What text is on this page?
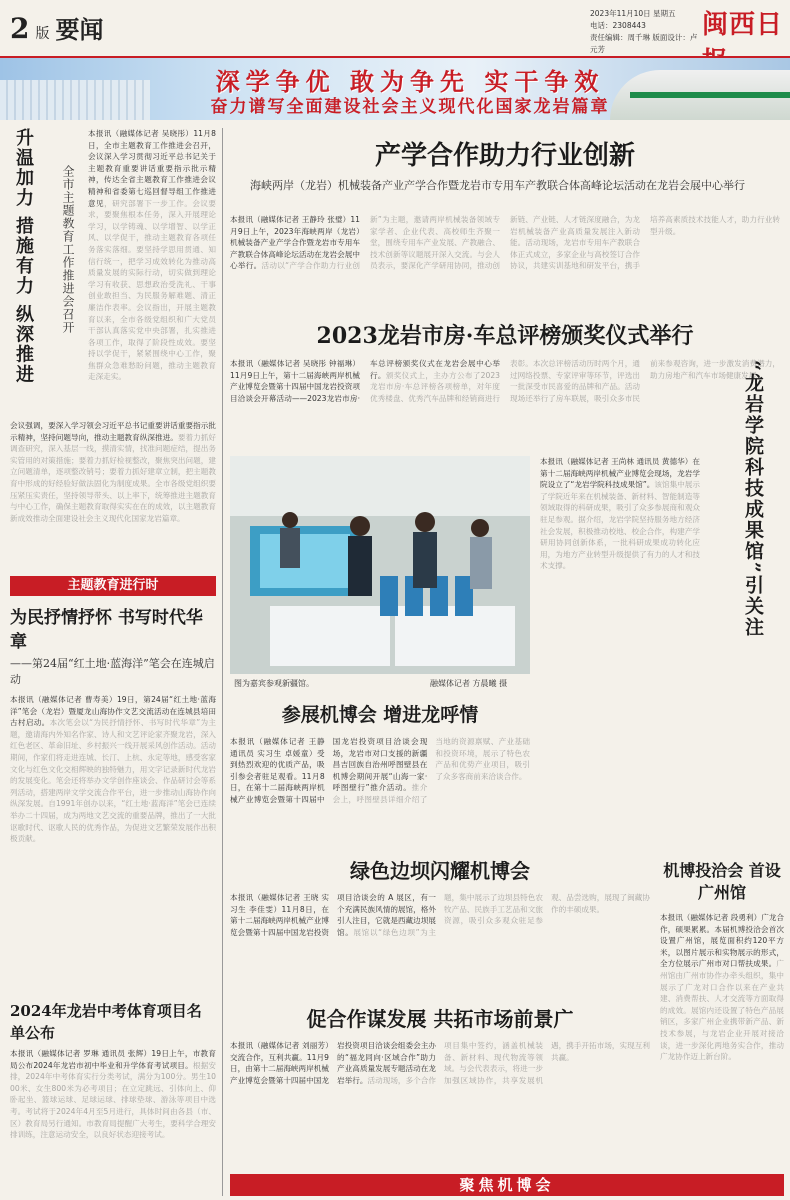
2 版 要闻
2023年11月10日 星期五
电话：2308443
责任编辑：周千琳 版面设计：卢元芳
闽西日
深学争优 敢为争先 实干争效
奋力谱写全面建设社会主义现代化国家龙岩篇章
升温加力 措施有力 纵深推进 全市主题教育工作推进会召开
本报讯（融媒体记者 吴晓彤）11月8日，全市主题教育工作推进会召开，会议深入学习贯彻习近平总书记关于主题教育重要讲话重要指示批示精神，传达全省主题教育工作推进会议精神和省委第七巡回督导组工作推进意见，研究部署下一步工作。会议要求，要聚焦根本任务，深入开展理论学习，以学铸魂、以学增智、以学正风、以学促干，推动主题教育各项任务落实落细。要坚持学思用贯通、知信行统一，把学习成效转化为推动高质量发展的实际行动，切实做到理论学习有收获、思想政治受洗礼、干事创业敢担当、为民服务解难题、清正廉洁作表率。会议指出，开展主题教育以来，全市各级党组织和广大党员干部认真落实党中央部署，扎实推进各项工作，取得了阶段性成效。要坚持以学促干，紧紧围绕中心工作，聚焦群众急难愁盼问题，推动主题教育走深走实。
会议强调，要深入学习领会习近平总书记重要讲话重要指示批示精神，坚持问题导向，推动主题教育纵深推进。要着力抓好调查研究，深入基层一线，摸清实情，找准问题症结，提出务实管用的对策措施；要着力抓好检视整改，聚焦突出问题，建立问题清单，逐项整改销号；要着力抓好建章立制，把主题教育中形成的好经验好做法固化为制度成果。全市各级党组织要压紧压实责任，坚持领导带头、以上率下，统筹推进主题教育与中心工作，确保主题教育取得实实在在的成效，以主题教育新成效推动全面建设社会主义现代化国家龙岩篇章。
主题教育进行时
为民抒情抒怀 书写时代华章
——第24届“红土地·蓝海洋”笔会在连城启动
本报讯（融媒体记者 曹寿美）19日，第24届“红土地·蓝海洋”笔会（龙岩）暨厦龙山海协作文艺交流活动在连城县培田古村启动。本次笔会以“为民抒情抒怀、书写时代华章”为主题，邀请海内外知名作家、诗人和文艺评论家齐聚龙岩，深入红色老区、革命旧址、乡村振兴一线开展采风创作活动。活动期间，作家们将走进连城、长汀、上杭、永定等地，感受客家文化与红色文化交相辉映的独特魅力，用文字记录新时代龙岩的发展变化。笔会还将举办文学创作座谈会、作品研讨会等系列活动，搭建两岸文学交流合作平台，进一步推动山海协作向纵深发展。自1991年创办以来，“红土地·蓝海洋”笔会已连续举办二十四届，成为两地文艺交流的重要品牌，推出了一大批讴歌时代、讴歌人民的优秀作品，为促进文艺繁荣发展作出积极贡献。
2024年龙岩中考体育项目名单公布
本报讯（融媒体记者 罗琳 通讯员 张辉）19日上午，市教育局公布2024年龙岩市初中毕业和升学体育考试项目。根据安排，2024年中考体育实行分类考试，满分为100分。男生1000米、女生800米为必考项目；在立定跳远、引体向上、仰卧起坐、篮球运球、足球运球、排球垫球、游泳等项目中选考。考试将于2024年4月至5月进行，具体时间由各县（市、区）教育局另行通知。市教育局提醒广大考生，要科学合理安排训练，注意运动安全，以良好状态迎接考试。
产学合作助力行业创新
海峡两岸（龙岩）机械装备产业产学合作暨龙岩市专用车产教联合体高峰论坛活动在龙岩会展中心举行
本报讯（融媒体记者 王静玲 张璧）11月9日上午，2023年海峡两岸（龙岩）机械装备产业产学合作暨龙岩市专用车产教联合体高峰论坛活动在龙岩会展中心举行。活动以“产学合作助力行业创新”为主题，邀请两岸机械装备领域专家学者、企业代表、高校师生齐聚一堂，围绕专用车产业发展、产教融合、技术创新等议题展开深入交流。与会人员表示，要深化产学研用协同，推动创新链、产业链、人才链深度融合，为龙岩机械装备产业高质量发展注入新动能。活动现场，龙岩市专用车产教联合体正式成立，多家企业与高校签订合作协议，共建实训基地和研发平台，携手培养高素质技术技能人才，助力行业转型升级。
2023龙岩市房·车总评榜颁奖仪式举行
本报讯（融媒体记者 吴晓彤 钟福琳）11月9日上午，第十二届海峡两岸机械产业博览会暨第十四届中国龙岩投资项目洽谈会开幕活动——2023龙岩市房·车总评榜颁奖仪式在龙岩会展中心举行。颁奖仪式上，主办方公布了2023龙岩市房·车总评榜各项榜单，对年度优秀楼盘、优秀汽车品牌和经销商进行表彰。本次总评榜活动历时两个月，通过网络投票、专家评审等环节，评选出一批深受市民喜爱的品牌和产品。活动现场还举行了房车联展，吸引众多市民前来参观咨询，进一步激发消费潜力，助力房地产和汽车市场健康发展。
图为嘉宾参观新疆馆。	融媒体记者 方晨曦 摄
本报讯（融媒体记者 王尚林 通讯员 黄德华）在第十二届海峡两岸机械产业博览会现场，龙岩学院设立了“龙岩学院科技成果馆”。该馆集中展示了学院近年来在机械装备、新材料、智能制造等领域取得的科研成果，吸引了众多参展商和观众驻足参观。据介绍，龙岩学院坚持服务地方经济社会发展，积极推动校地、校企合作，构建产学研用协同创新体系，一批科研成果成功转化应用，为地方产业转型升级提供了有力的人才和技术支撑。	“龙岩学院科技成果馆”引关注
参展机博会 增进龙呼情
本报讯（融媒体记者 王静 通讯员 实习生 卓媛童）受到热烈欢迎的优质产品，吸引参会者驻足观看。11月8日，在第十二届海峡两岸机械产业博览会暨第十四届中国龙岩投资项目洽谈会现场，龙岩市对口支援的新疆昌吉回族自治州呼图壁县在机博会期间开展“山海一家·呼图壁行”推介活动。推介会上，呼图壁县详细介绍了当地的资源禀赋、产业基础和投资环境，展示了特色农产品和优势产业项目，吸引了众多客商前来洽谈合作。
绿色边坝闪耀机博会
本报讯（融媒体记者 王晓 实习生 李佳雯）11月8日，在第十二届海峡两岸机械产业博览会暨第十四届中国龙岩投资项目洽谈会的 A 展区，有一个充满民族风情的展馆，格外引人注目，它就是西藏边坝展馆。展馆以“绿色边坝”为主题，集中展示了边坝县特色农牧产品、民族手工艺品和文旅资源，吸引众多观众驻足参观、品尝选购，展现了闽藏协作的丰硕成果。
机博投洽会 首设广州馆
本报讯（融媒体记者 段勇利）广龙合作，硕果累累。本届机博投洽会首次设置广州馆，展览面积约120平方米，以图片展示和实物展示的形式，全方位展示广州市对口帮扶成果。广州馆由广州市协作办牵头组织，集中展示了广龙对口合作以来在产业共建、消费帮扶、人才交流等方面取得的成效。展馆内还设置了特色产品展销区，多家广州企业携带新产品、新技术参展，与龙岩企业开展对接洽谈，进一步深化两地务实合作，推动广龙协作迈上新台阶。
促合作谋发展 共拓市场前景广
本报讯（融媒体记者 刘丽芳）交流合作，互利共赢。11月9日，由第十二届海峡两岸机械产业博览会暨第十四届中国龙岩投资项目洽谈会组委会主办的“福龙同向·区域合作”助力产业高质量发展专题活动在龙岩举行。活动现场，多个合作项目集中签约，涵盖机械装备、新材料、现代物流等领域。与会代表表示，将进一步加强区域协作，共享发展机遇，携手开拓市场，实现互利共赢。
聚焦机博会
